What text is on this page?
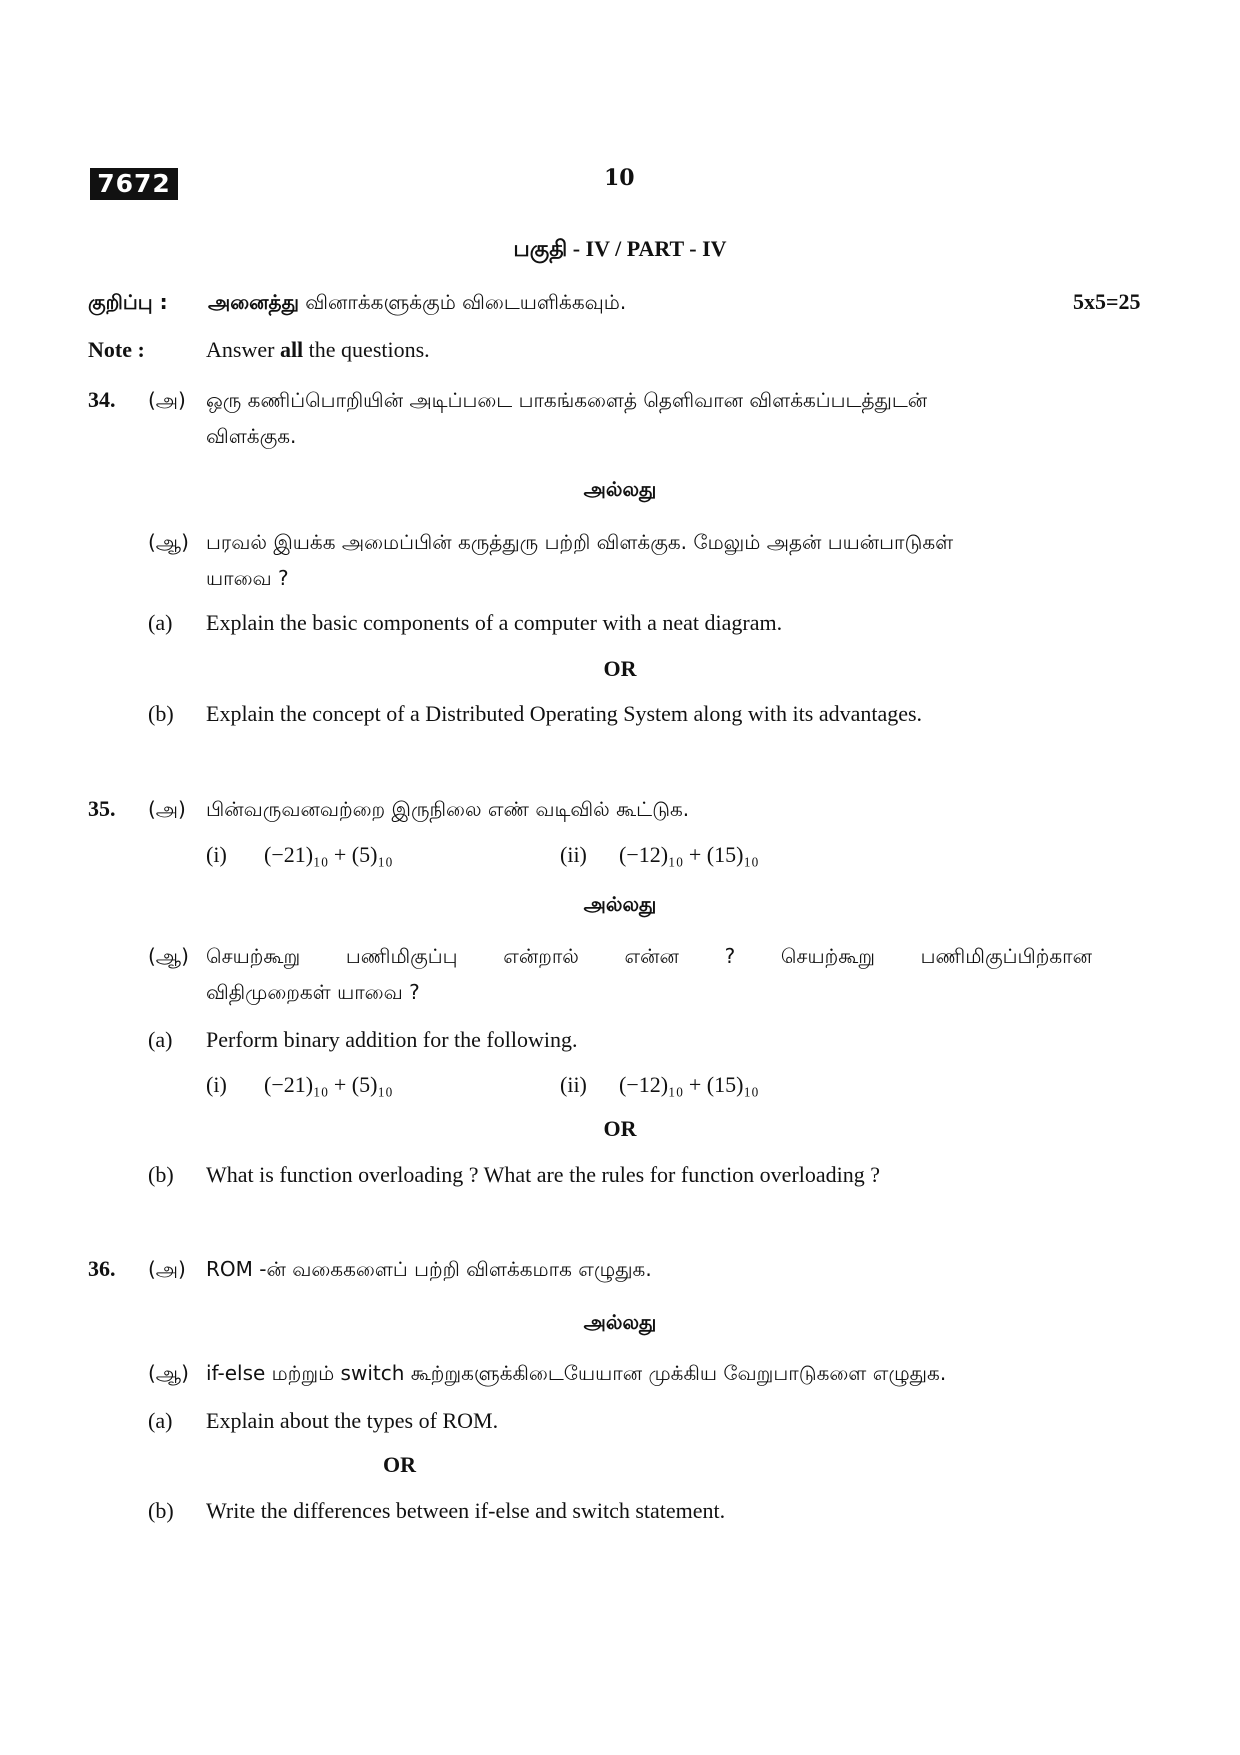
7672	10
பகுதி - IV / PART - IV
குறிப்பு : அனைத்து வினாக்களுக்கும் விடையளிக்கவும்.	5x5=25
Note :	Answer all the questions.
34. (அ) ஒரு கணிப்பொறியின் அடிப்படை பாகங்களைத் தெளிவான விளக்கப்படத்துடன்
விளக்குக.
அல்லது
(ஆ) பரவல் இயக்க அமைப்பின் கருத்துரு பற்றி விளக்குக. மேலும் அதன் பயன்பாடுகள்
யாவை ?
(a) Explain the basic components of a computer with a neat diagram.
OR
(b) Explain the concept of a Distributed Operating System along with its advantages.
35. (அ) பின்வருவனவற்றை இருநிலை எண் வடிவில் கூட்டுக.
(i) (−21)₁₀ + (5)₁₀	(ii) (−12)₁₀ + (15)₁₀
அல்லது
(ஆ) செயற்கூறு பணிமிகுப்பு என்றால் என்ன ? செயற்கூறு பணிமிகுப்பிற்கான
விதிமுறைகள் யாவை ?
(a) Perform binary addition for the following.
(i) (−21)₁₀ + (5)₁₀	(ii) (−12)₁₀ + (15)₁₀
OR
(b) What is function overloading ? What are the rules for function overloading ?
36. (அ) ROM -ன் வகைகளைப் பற்றி விளக்கமாக எழுதுக.
அல்லது
(ஆ) if-else மற்றும் switch கூற்றுகளுக்கிடையேயான முக்கிய வேறுபாடுகளை எழுதுக.
(a) Explain about the types of ROM.
OR
(b) Write the differences between if-else and switch statement.
